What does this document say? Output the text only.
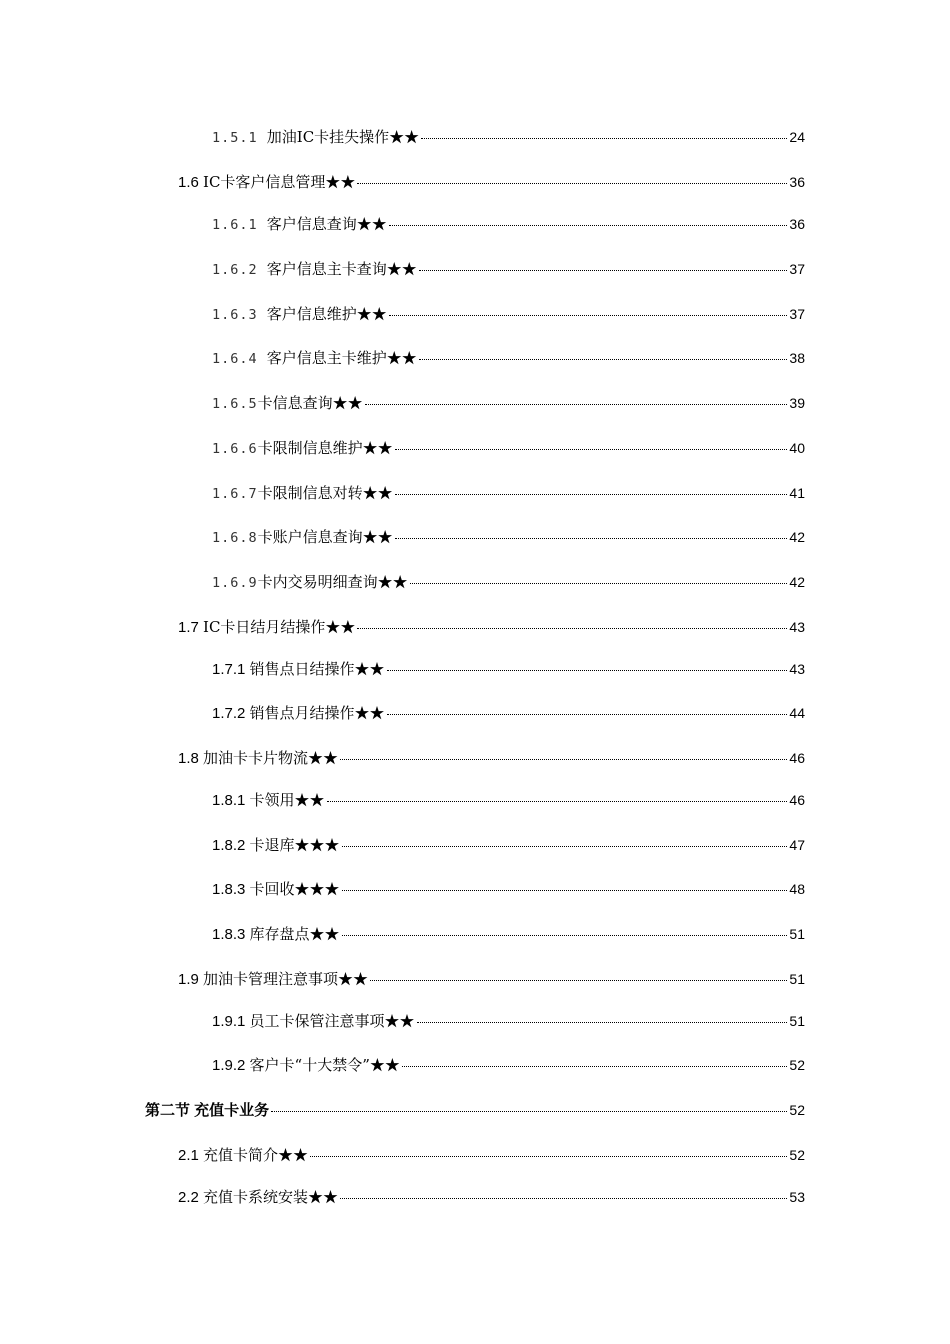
1.5.1 加油IC卡挂失操作★★	24
1.6 IC卡客户信息管理★★	36
1.6.1 客户信息查询★★	36
1.6.2 客户信息主卡查询★★	37
1.6.3 客户信息维护★★	37
1.6.4 客户信息主卡维护★★	38
1.6.5 卡信息查询★★	39
1.6.6 卡限制信息维护★★	40
1.6.7 卡限制信息对转★★	41
1.6.8 卡账户信息查询★★	42
1.6.9 卡内交易明细查询★★	42
1.7 IC卡日结月结操作★★	43
1.7.1 销售点日结操作★★	43
1.7.2 销售点月结操作★★	44
1.8 加油卡卡片物流★★	46
1.8.1 卡领用★★	46
1.8.2 卡退库★★★	47
1.8.3 卡回收★★★	48
1.8.3 库存盘点★★	51
1.9 加油卡管理注意事项★★	51
1.9.1 员工卡保管注意事项★★	51
1.9.2 客户卡“十大禁令”★★	52
第二节 充值卡业务	52
2.1 充值卡简介★★	52
2.2 充值卡系统安装★★	53
